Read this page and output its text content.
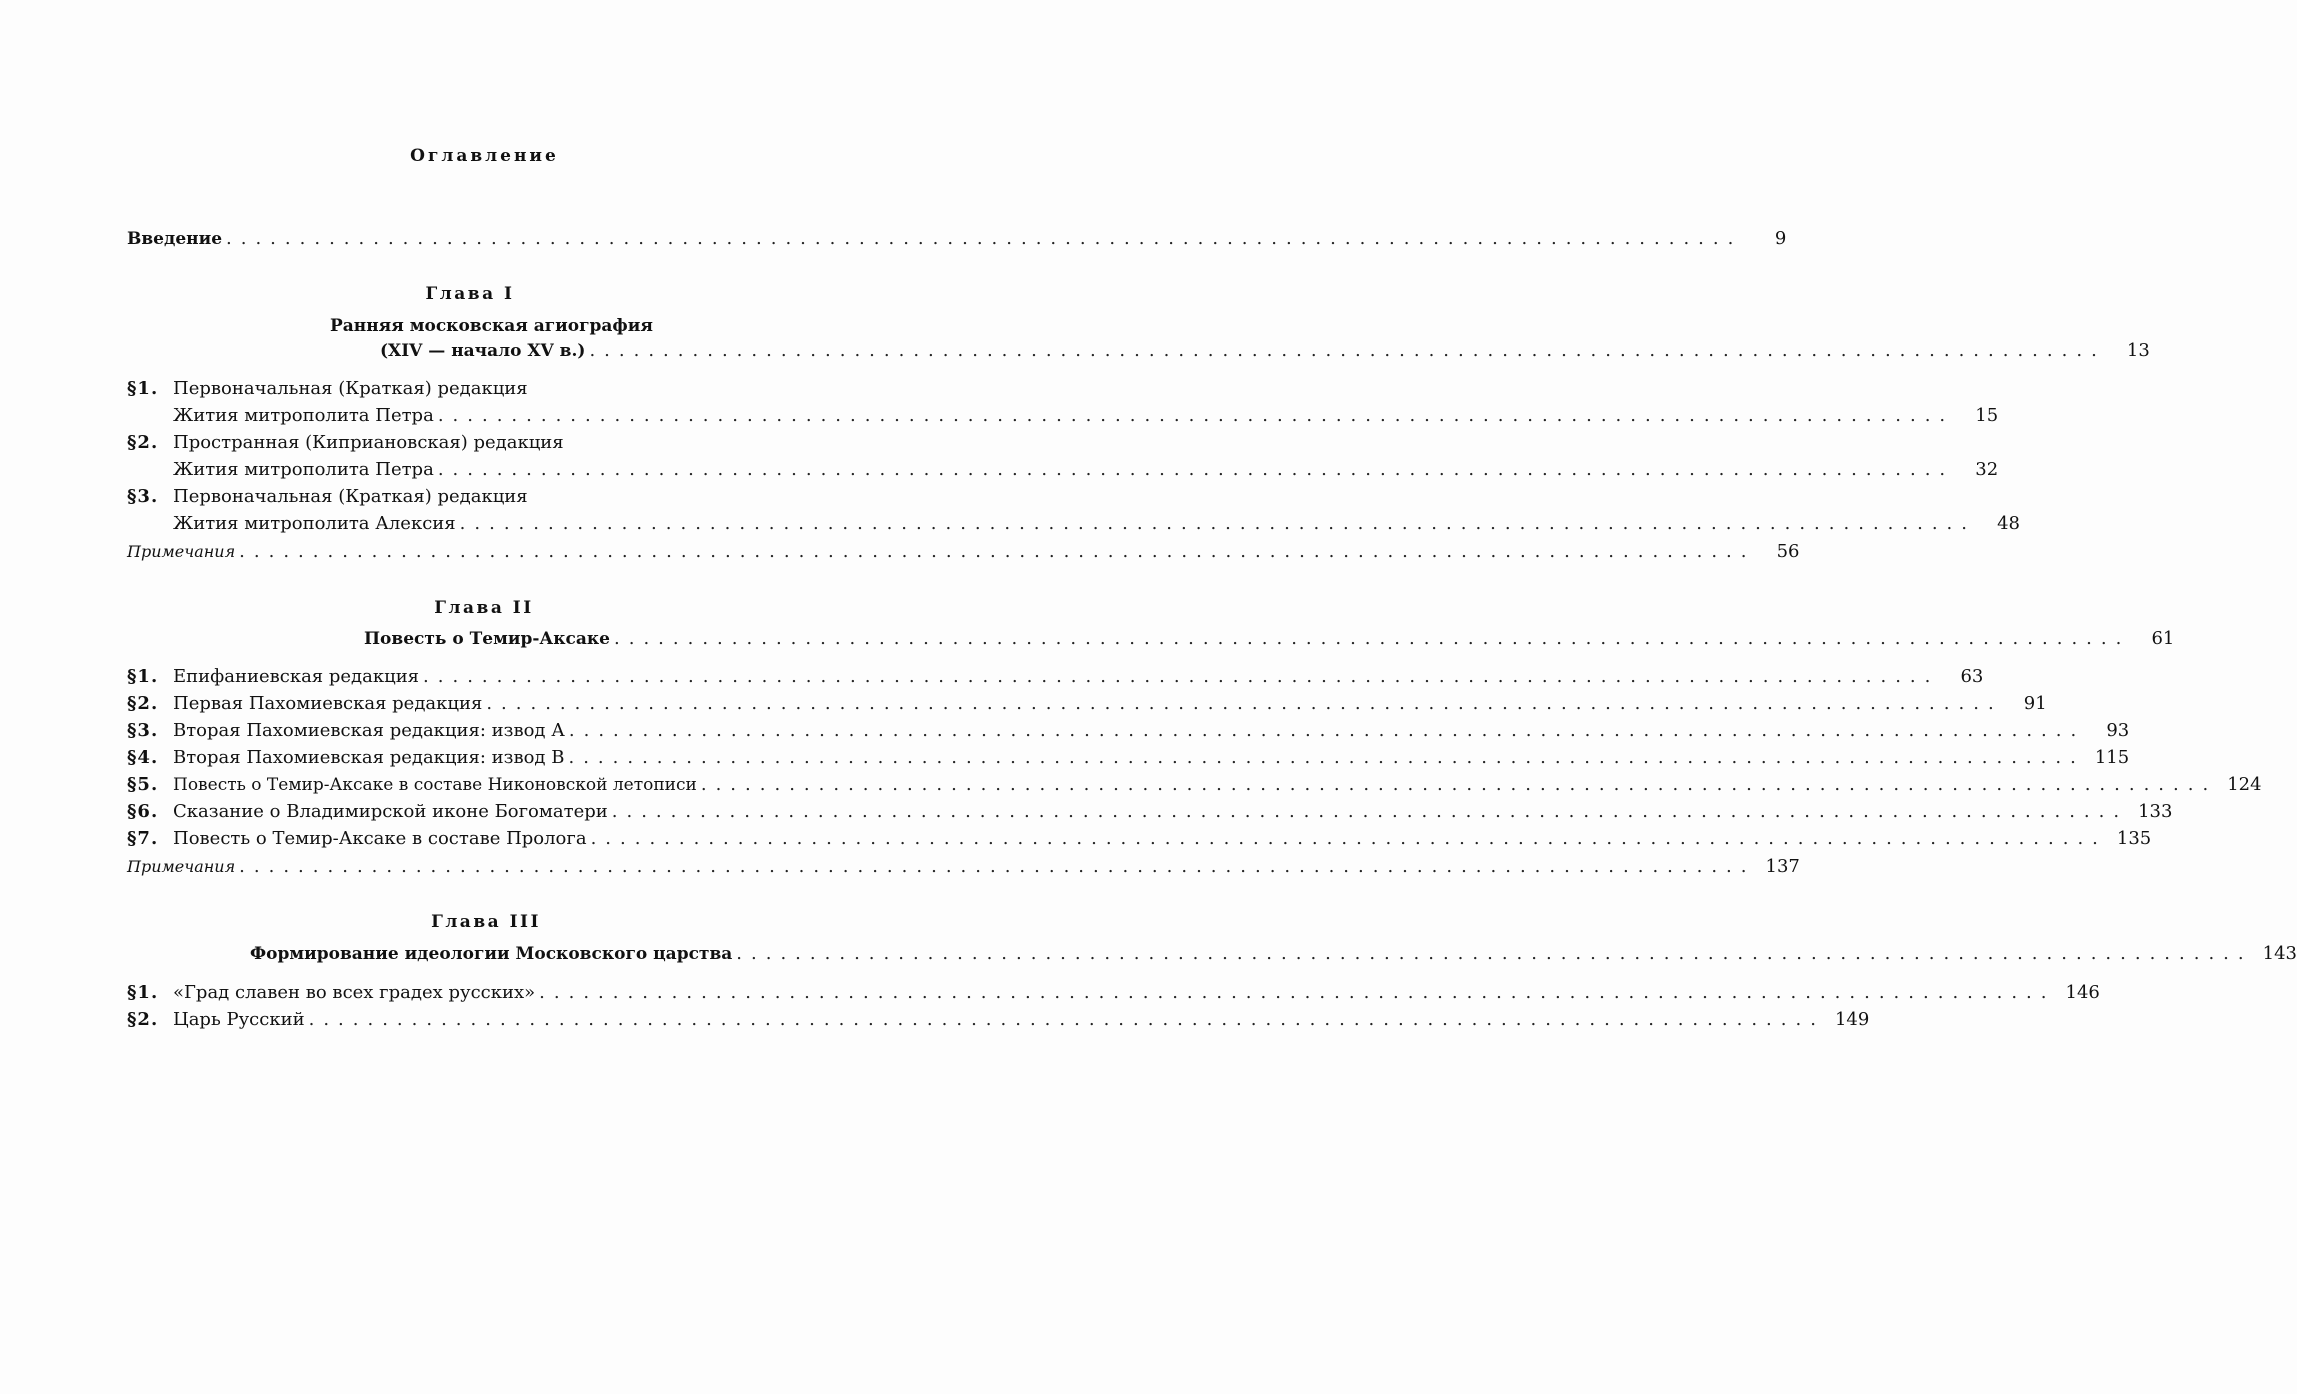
Оглавление
Введение .......................................................................................................	9
Глава I
Ранняя московская агиография
(XIV — начало XV в.) .......................................................................................................	13
§1. Первоначальная (Краткая) редакция
Жития митрополита Петра .......................................................................................................	15
§2. Пространная (Киприановская) редакция
Жития митрополита Петра .......................................................................................................	32
§3. Первоначальная (Краткая) редакция
Жития митрополита Алексия .......................................................................................................	48
Примечания .......................................................................................................	56
Глава II
Повесть о Темир-Аксаке .......................................................................................................	61
§1. Епифаниевская редакция .......................................................................................................	63
§2. Первая Пахомиевская редакция .......................................................................................................	91
§3. Вторая Пахомиевская редакция: извод А .......................................................................................................	93
§4. Вторая Пахомиевская редакция: извод В ....................................................................................................... 115
§5. Повесть о Темир-Аксаке в составе Никоновской летописи ....................................................................................................... 124
§6. Сказание о Владимирской иконе Богоматери ....................................................................................................... 133
§7. Повесть о Темир-Аксаке в составе Пролога ....................................................................................................... 135
Примечания ....................................................................................................... 137
Глава III
Формирование идеологии Московского царства ....................................................................................................... 143
§1. «Град славен во всех градех русских» ....................................................................................................... 146
§2. Царь Русский ....................................................................................................... 149
